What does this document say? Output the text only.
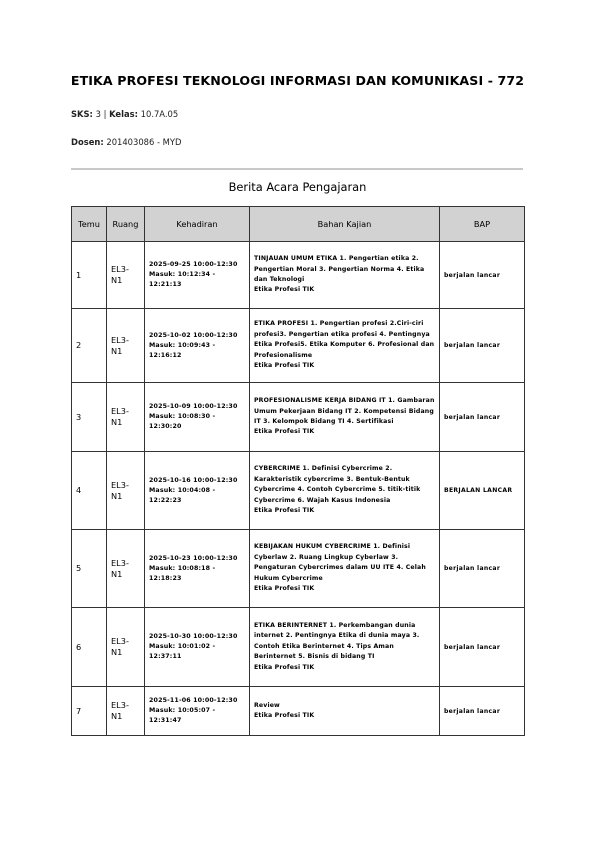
ETIKA PROFESI TEKNOLOGI INFORMASI DAN KOMUNIKASI - 772
SKS: 3 | Kelas: 10.7A.05
Dosen: 201403086 - MYD
Berita Acara Pengajaran
Temu	Ruang	Kehadiran	Bahan Kajian	BAP
1	EL3-N1	2025-09-25 10:00-12:30
Masuk: 10:12:34 -
12:21:13	TINJAUAN UMUM ETIKA 1. Pengertian etika 2. Pengertian Moral 3. Pengertian Norma 4. Etika dan Teknologi
Etika Profesi TIK	berjalan lancar
2	EL3-N1	2025-10-02 10:00-12:30
Masuk: 10:09:43 -
12:16:12	ETIKA PROFESI 1. Pengertian profesi 2.Ciri-ciri profesi3. Pengertian etika profesi 4. Pentingnya Etika Profesi5. Etika Komputer 6. Profesional dan Profesionalisme
Etika Profesi TIK	berjalan lancar
3	EL3-N1	2025-10-09 10:00-12:30
Masuk: 10:08:30 -
12:30:20	PROFESIONALISME KERJA BIDANG IT 1. Gambaran Umum Pekerjaan Bidang IT 2. Kompetensi Bidang IT 3. Kelompok Bidang TI 4. Sertifikasi
Etika Profesi TIK	berjalan lancar
4	EL3-N1	2025-10-16 10:00-12:30
Masuk: 10:04:08 -
12:22:23	CYBERCRIME 1. Definisi Cybercrime 2. Karakteristik cybercrime 3. Bentuk-Bentuk Cybercrime 4. Contoh Cybercrime 5. titik-titik Cybercrime 6. Wajah Kasus Indonesia
Etika Profesi TIK	BERJALAN LANCAR
5	EL3-N1	2025-10-23 10:00-12:30
Masuk: 10:08:18 -
12:18:23	KEBIJAKAN HUKUM CYBERCRIME 1. Definisi Cyberlaw 2. Ruang Lingkup Cyberlaw 3. Pengaturan Cybercrimes dalam UU ITE 4. Celah Hukum Cybercrime
Etika Profesi TIK	berjalan lancar
6	EL3-N1	2025-10-30 10:00-12:30
Masuk: 10:01:02 -
12:37:11	ETIKA BERINTERNET 1. Perkembangan dunia internet 2. Pentingnya Etika di dunia maya 3. Contoh Etika Berinternet 4. Tips Aman Berinternet 5. Bisnis di bidang TI
Etika Profesi TIK	berjalan lancar
7	EL3-N1	2025-11-06 10:00-12:30
Masuk: 10:05:07 -
12:31:47	Review
Etika Profesi TIK	berjalan lancar
